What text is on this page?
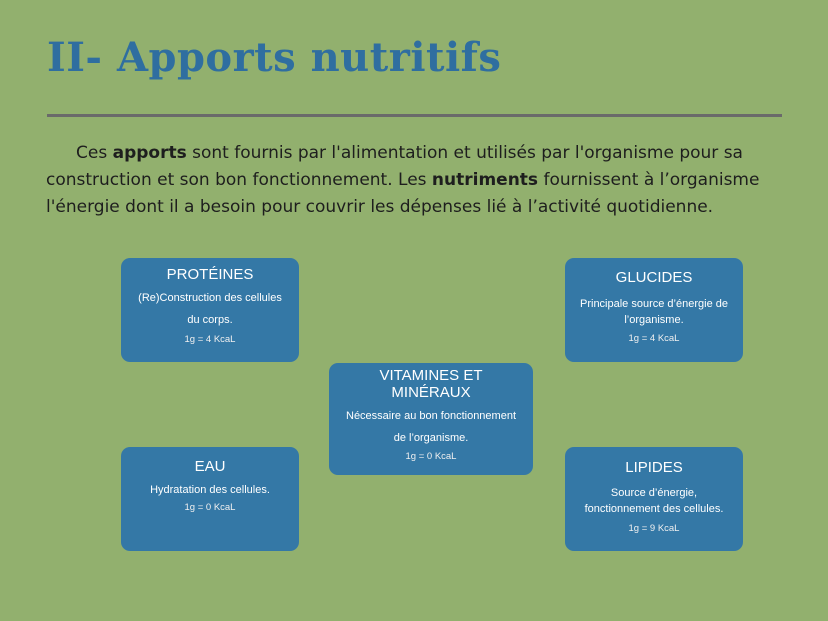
II- Apports nutritifs
Ces apports sont fournis par l'alimentation et utilisés par l'organisme pour sa construction et son bon fonctionnement. Les nutriments fournissent à l’organisme l'énergie dont il a besoin pour couvrir les dépenses lié à l’activité quotidienne.
PROTÉINES
(Re)Construction des cellules du corps.
1g = 4 KcaL
GLUCIDES
Principale source d’énergie de l’organisme.
1g = 4 KcaL
VITAMINES ET MINÉRAUX
Nécessaire au bon fonctionnement de l’organisme.
1g = 0 KcaL
EAU
Hydratation des cellules.
1g = 0 KcaL
LIPIDES
Source d’énergie, fonctionnement des cellules.
1g = 9 KcaL
